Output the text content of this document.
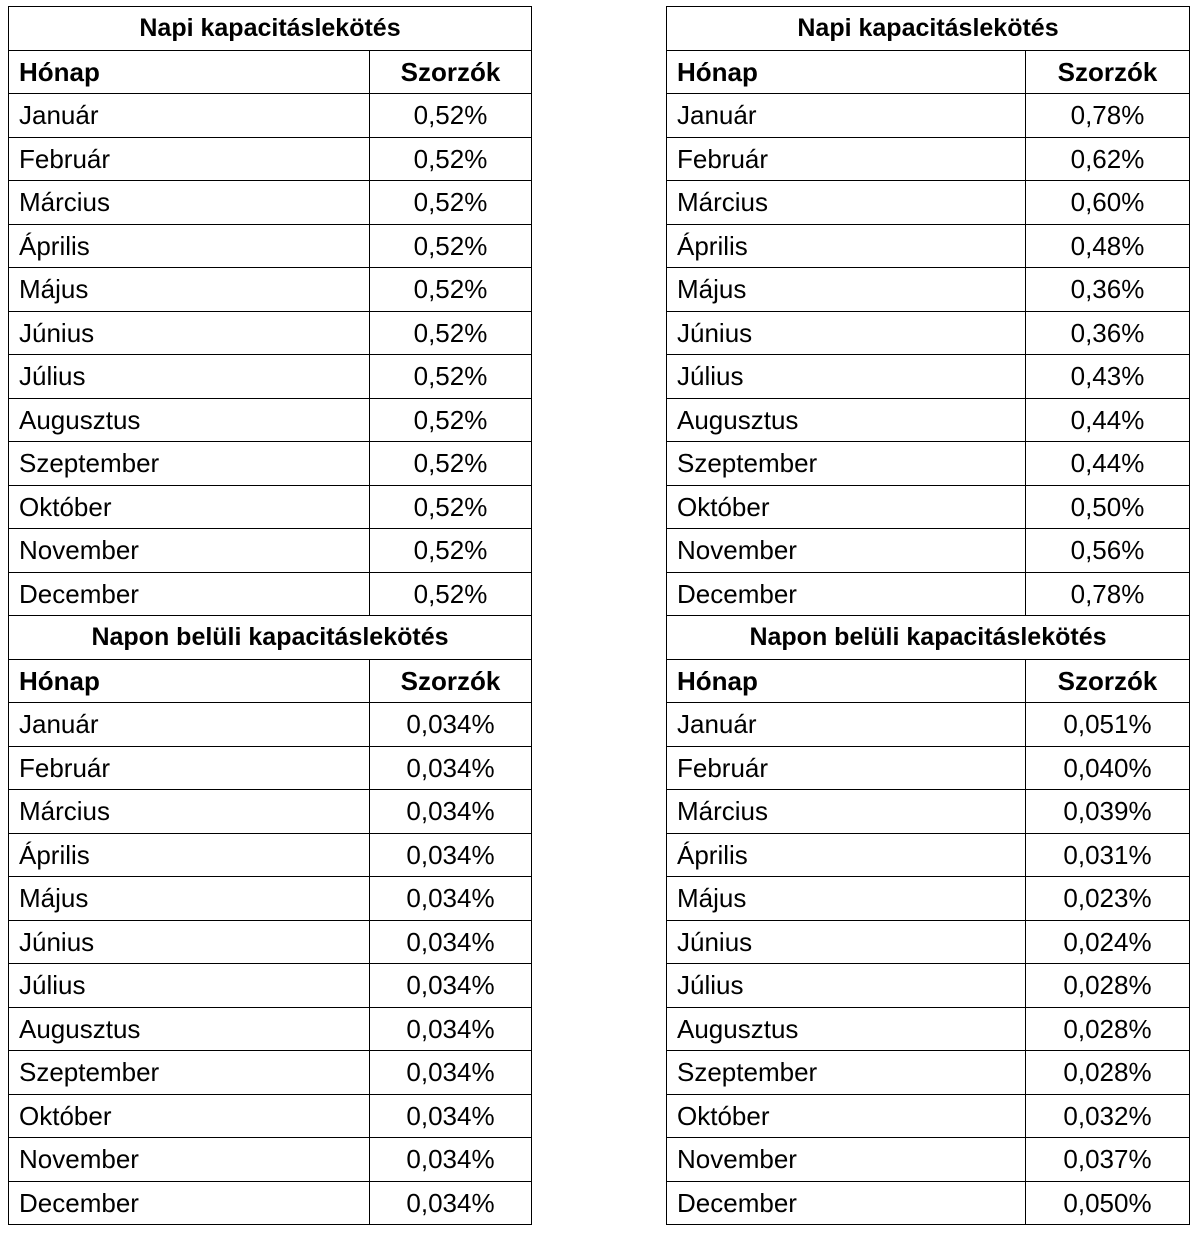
Napi kapacitáslekötés	
Hónap	Szorzók
Január	0,52%
Február	0,52%
Március	0,52%
Április	0,52%
Május	0,52%
Június	0,52%
Július	0,52%
Augusztus	0,52%
Szeptember	0,52%
Október	0,52%
November	0,52%
December	0,52%
Napon belüli kapacitáslekötés	
Hónap	Szorzók
Január	0,034%
Február	0,034%
Március	0,034%
Április	0,034%
Május	0,034%
Június	0,034%
Július	0,034%
Augusztus	0,034%
Szeptember	0,034%
Október	0,034%
November	0,034%
December	0,034%
Napi kapacitáslekötés	
Hónap	Szorzók
Január	0,78%
Február	0,62%
Március	0,60%
Április	0,48%
Május	0,36%
Június	0,36%
Július	0,43%
Augusztus	0,44%
Szeptember	0,44%
Október	0,50%
November	0,56%
December	0,78%
Napon belüli kapacitáslekötés	
Hónap	Szorzók
Január	0,051%
Február	0,040%
Március	0,039%
Április	0,031%
Május	0,023%
Június	0,024%
Július	0,028%
Augusztus	0,028%
Szeptember	0,028%
Október	0,032%
November	0,037%
December	0,050%
